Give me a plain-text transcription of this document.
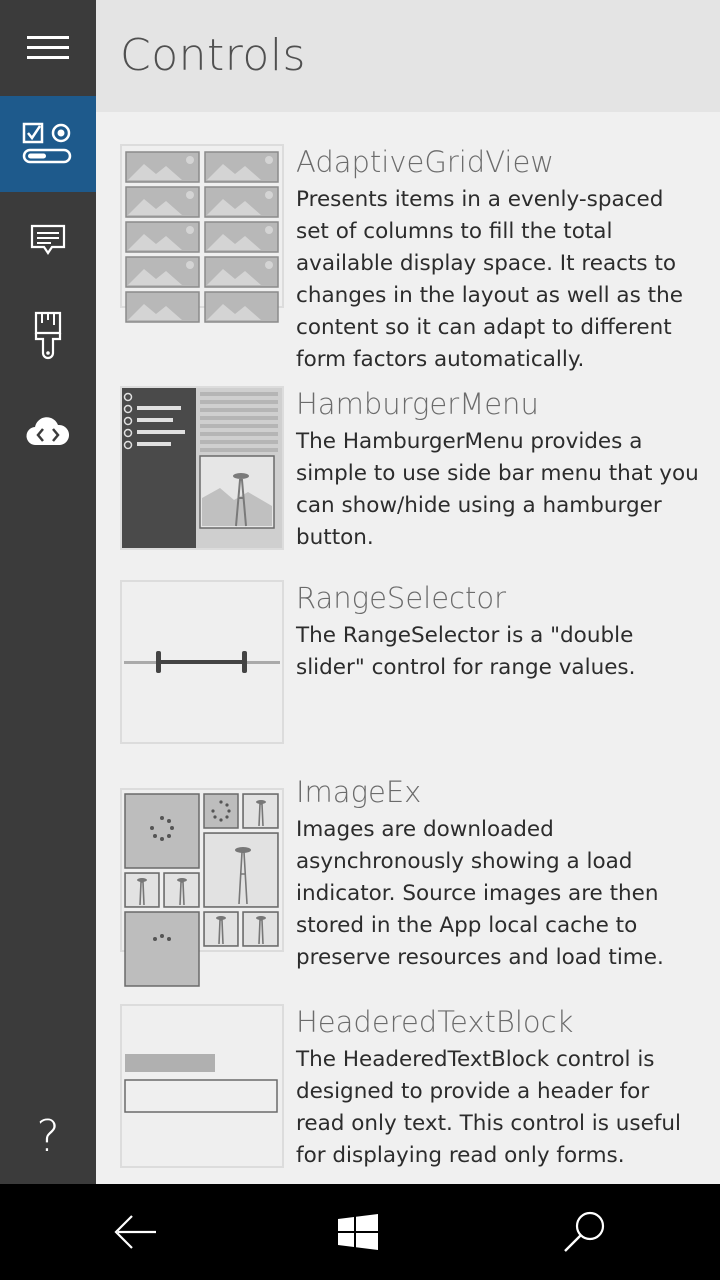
?
Controls
AdaptiveGridView
Presents items in a evenly-spaced set of columns to fill the total available display space. It reacts to changes in the layout as well as the content so it can adapt to different form factors automatically.
HamburgerMenu
The HamburgerMenu provides a simple to use side bar menu that you can show/hide using a hamburger button.
RangeSelector
The RangeSelector is a "double slider" control for range values.
ImageEx
Images are downloaded asynchronously showing a load indicator. Source images are then stored in the App local cache to preserve resources and load time.
HeaderedTextBlock
The HeaderedTextBlock control is designed to provide a header for read only text. This control is useful for displaying read only forms.
